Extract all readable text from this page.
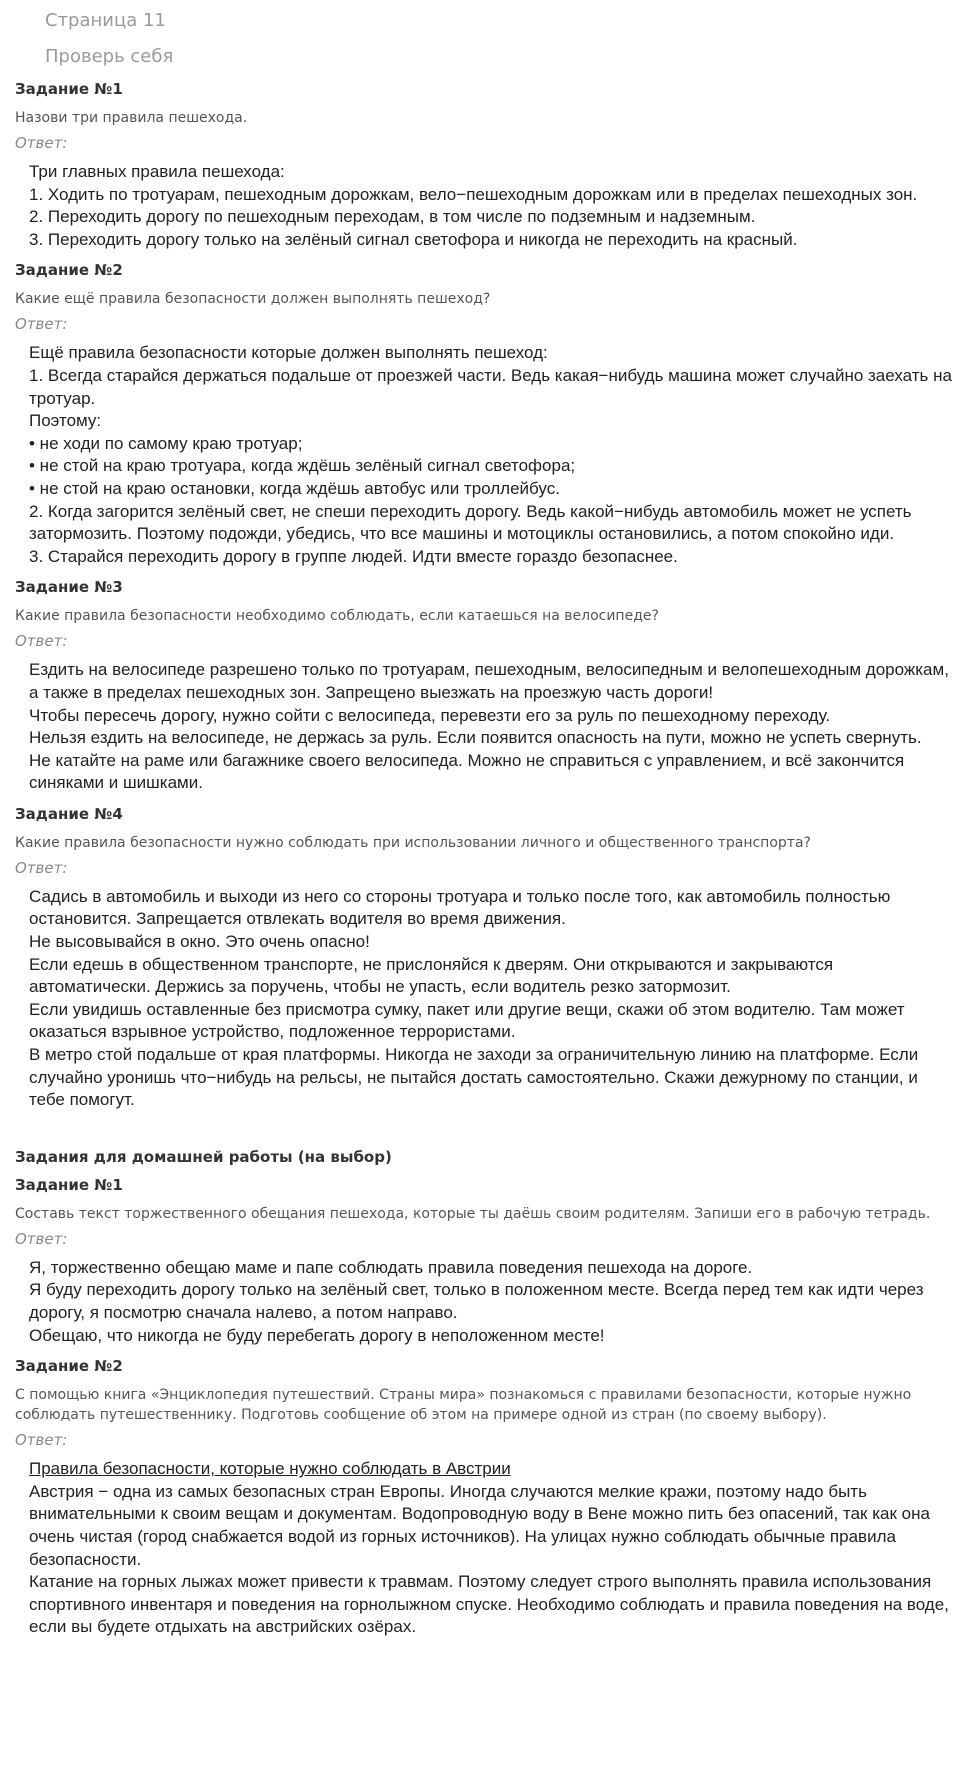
Страница 11
Проверь себя
Задание №1
Назови три правила пешехода.
Ответ:
Три главных правила пешехода:
1. Ходить по тротуарам, пешеходным дорожкам, вело−пешеходным дорожкам или в пределах пешеходных зон.
2. Переходить дорогу по пешеходным переходам, в том числе по подземным и надземным.
3. Переходить дорогу только на зелёный сигнал светофора и никогда не переходить на красный.
Задание №2
Какие ещё правила безопасности должен выполнять пешеход?
Ответ:
Ещё правила безопасности которые должен выполнять пешеход:
1. Всегда старайся держаться подальше от проезжей части. Ведь какая−нибудь машина может случайно заехать на тротуар.
Поэтому:
• не ходи по самому краю тротуар;
• не стой на краю тротуара, когда ждёшь зелёный сигнал светофора;
• не стой на краю остановки, когда ждёшь автобус или троллейбус.
2. Когда загорится зелёный свет, не спеши переходить дорогу. Ведь какой−нибудь автомобиль может не успеть затормозить. Поэтому подожди, убедись, что все машины и мотоциклы остановились, а потом спокойно иди.
3. Старайся переходить дорогу в группе людей. Идти вместе гораздо безопаснее.
Задание №3
Какие правила безопасности необходимо соблюдать, если катаешься на велосипеде?
Ответ:
Ездить на велосипеде разрешено только по тротуарам, пешеходным, велосипедным и велопешеходным дорожкам, а также в пределах пешеходных зон. Запрещено выезжать на проезжую часть дороги!
Чтобы пересечь дорогу, нужно сойти с велосипеда, перевезти его за руль по пешеходному переходу.
Нельзя ездить на велосипеде, не держась за руль. Если появится опасность на пути, можно не успеть свернуть.
Не катайте на раме или багажнике своего велосипеда. Можно не справиться с управлением, и всё закончится синяками и шишками.
Задание №4
Какие правила безопасности нужно соблюдать при использовании личного и общественного транспорта?
Ответ:
Садись в автомобиль и выходи из него со стороны тротуара и только после того, как автомобиль полностью остановится. Запрещается отвлекать водителя во время движения.
Не высовывайся в окно. Это очень опасно!
Если едешь в общественном транспорте, не прислоняйся к дверям. Они открываются и закрываются автоматически. Держись за поручень, чтобы не упасть, если водитель резко затормозит.
Если увидишь оставленные без присмотра сумку, пакет или другие вещи, скажи об этом водителю. Там может оказаться взрывное устройство, подложенное террористами.
В метро стой подальше от края платформы. Никогда не заходи за ограничительную линию на платформе. Если случайно уронишь что−нибудь на рельсы, не пытайся достать самостоятельно. Скажи дежурному по станции, и тебе помогут.
Задания для домашней работы (на выбор)
Задание №1
Составь текст торжественного обещания пешехода, которые ты даёшь своим родителям. Запиши его в рабочую тетрадь.
Ответ:
Я, торжественно обещаю маме и папе соблюдать правила поведения пешехода на дороге.
Я буду переходить дорогу только на зелёный свет, только в положенном месте. Всегда перед тем как идти через дорогу, я посмотрю сначала налево, а потом направо.
Обещаю, что никогда не буду перебегать дорогу в неположенном месте!
Задание №2
С помощью книга «Энциклопедия путешествий. Страны мира» познакомься с правилами безопасности, которые нужно соблюдать путешественнику. Подготовь сообщение об этом на примере одной из стран (по своему выбору).
Ответ:
Правила безопасности, которые нужно соблюдать в Австрии
Австрия − одна из самых безопасных стран Европы. Иногда случаются мелкие кражи, поэтому надо быть внимательными к своим вещам и документам. Водопроводную воду в Вене можно пить без опасений, так как она очень чистая (город снабжается водой из горных источников). На улицах нужно соблюдать обычные правила безопасности.
Катание на горных лыжах может привести к травмам. Поэтому следует строго выполнять правила использования спортивного инвентаря и поведения на горнолыжном спуске. Необходимо соблюдать и правила поведения на воде, если вы будете отдыхать на австрийских озёрах.
